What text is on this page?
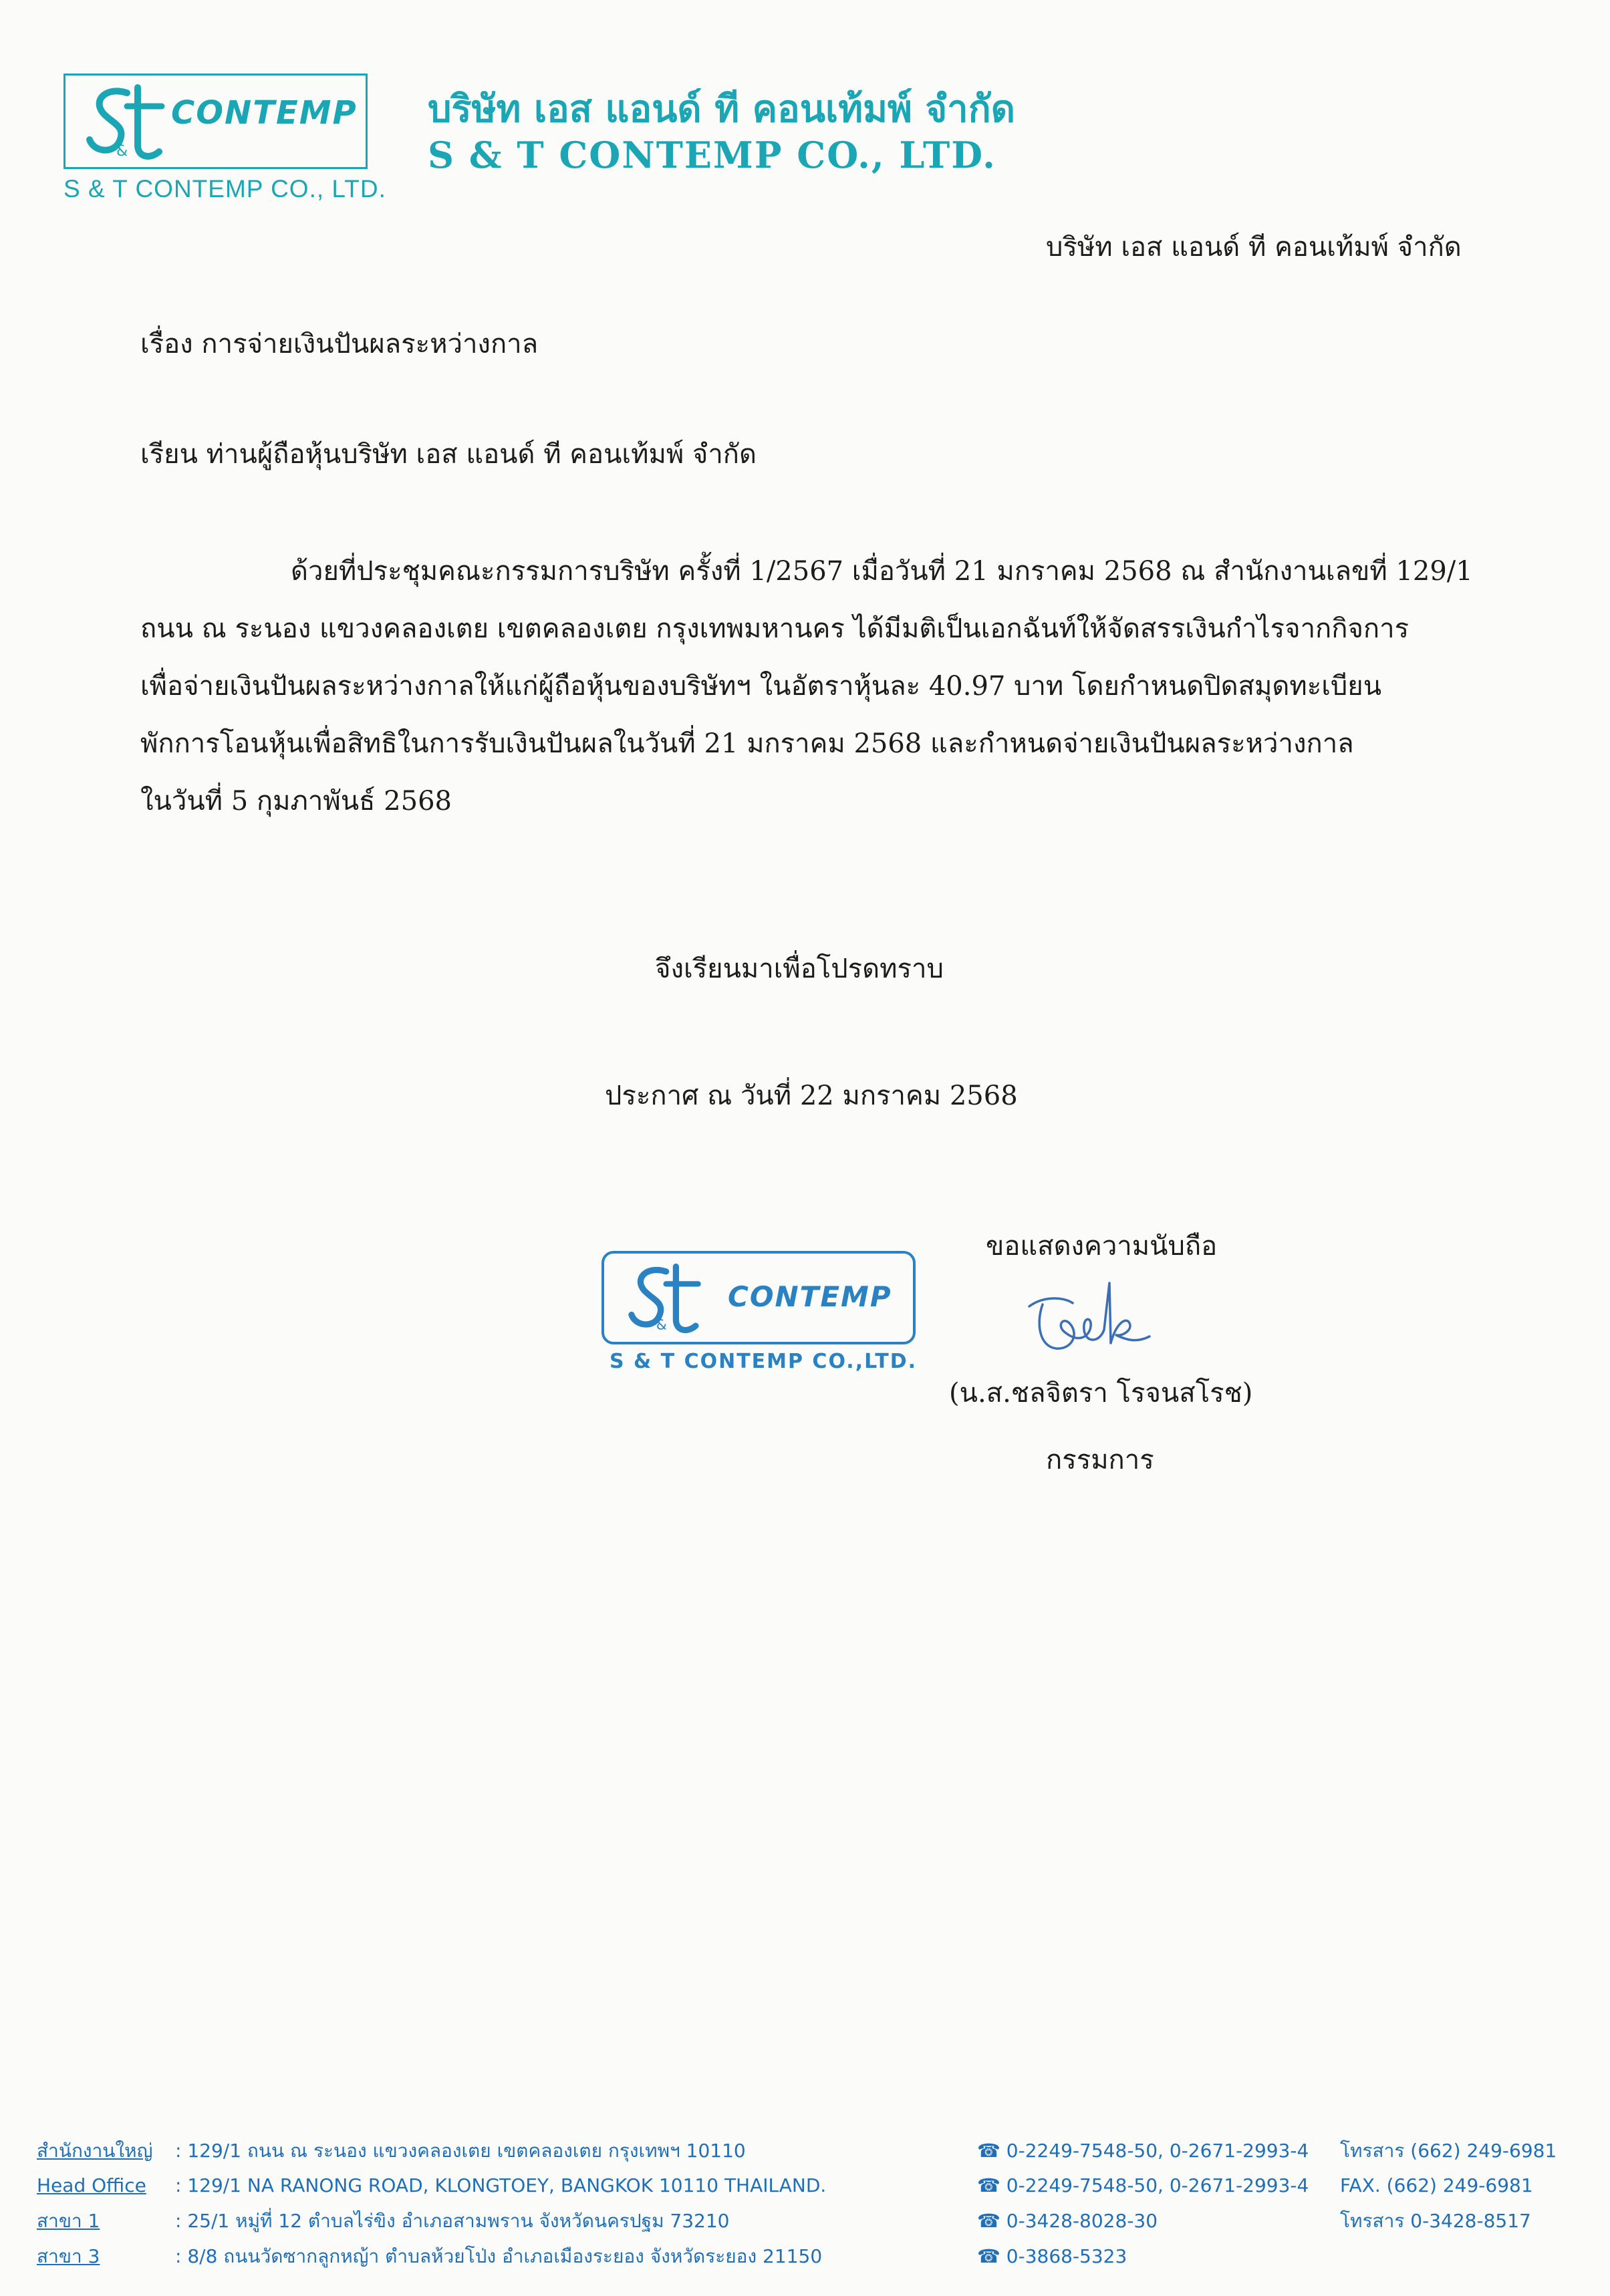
&
CONTEMP
S & T CONTEMP CO., LTD.
บริษัท เอส แอนด์ ที คอนเท้มพ์ จำกัด
S & T CONTEMP CO., LTD.
บริษัท เอส แอนด์ ที คอนเท้มพ์ จำกัด
เรื่อง การจ่ายเงินปันผลระหว่างกาล
เรียน ท่านผู้ถือหุ้นบริษัท เอส แอนด์ ที คอนเท้มพ์ จำกัด
ด้วยที่ประชุมคณะกรรมการบริษัท ครั้งที่ 1/2567 เมื่อวันที่ 21 มกราคม 2568 ณ สำนักงานเลขที่ 129/1
ถนน ณ ระนอง แขวงคลองเตย เขตคลองเตย กรุงเทพมหานคร ได้มีมติเป็นเอกฉันท์ให้จัดสรรเงินกำไรจากกิจการ
เพื่อจ่ายเงินปันผลระหว่างกาลให้แก่ผู้ถือหุ้นของบริษัทฯ ในอัตราหุ้นละ 40.97 บาท โดยกำหนดปิดสมุดทะเบียน
พักการโอนหุ้นเพื่อสิทธิในการรับเงินปันผลในวันที่ 21 มกราคม 2568 และกำหนดจ่ายเงินปันผลระหว่างกาล
ในวันที่ 5 กุมภาพันธ์ 2568
จึงเรียนมาเพื่อโปรดทราบ
ประกาศ ณ วันที่ 22 มกราคม 2568
ขอแสดงความนับถือ
&
CONTEMP
S & T CONTEMP CO.,LTD.
(น.ส.ชลจิตรา โรจนสโรช)
กรรมการ
สำนักงานใหญ่ : 129/1 ถนน ณ ระนอง แขวงคลองเตย เขตคลองเตย กรุงเทพฯ 10110	☎ 0-2249-7548-50, 0-2671-2993-4 โทรสาร (662) 249-6981
Head Office : 129/1 NA RANONG ROAD, KLONGTOEY, BANGKOK 10110 THAILAND.	☎ 0-2249-7548-50, 0-2671-2993-4 FAX. (662) 249-6981
สาขา 1	: 25/1 หมู่ที่ 12 ตำบลไร่ขิง อำเภอสามพราน จังหวัดนครปฐม 73210	☎ 0-3428-8028-30	โทรสาร 0-3428-8517
สาขา 3	: 8/8 ถนนวัดซากลูกหญ้า ตำบลห้วยโป่ง อำเภอเมืองระยอง จังหวัดระยอง 21150	☎ 0-3868-5323
